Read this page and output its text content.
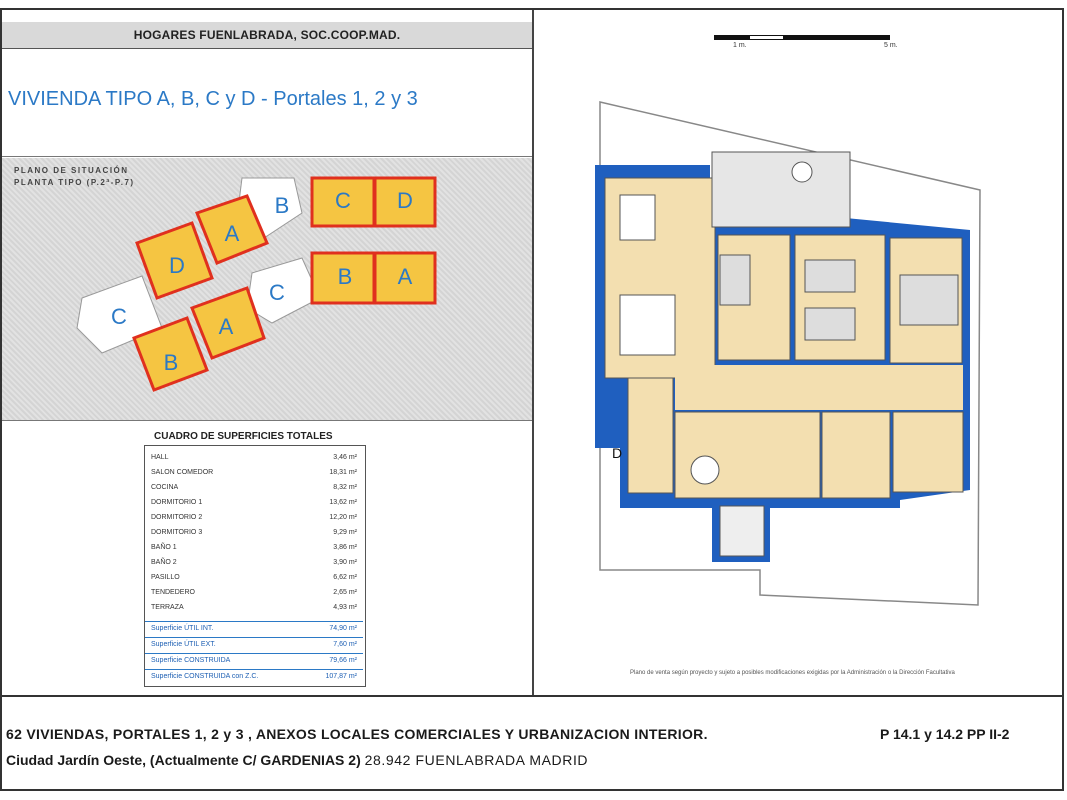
HOGARES FUENLABRADA, SOC.COOP.MAD.
VIVIENDA TIPO A, B, C y D - Portales 1, 2 y 3
PLANO DE SITUACIÓN
PLANTA TIPO (P.2ª-P.7)
B C D
A
D
C
B A
C	A
B
CUADRO DE SUPERFICIES TOTALES
HALL	3,46 m²
SALON COMEDOR	18,31 m²
COCINA	8,32 m²
DORMITORIO 1	13,62 m²
DORMITORIO 2	12,20 m²
DORMITORIO 3	9,29 m²
BAÑO 1	3,86 m²
BAÑO 2	3,90 m²
PASILLO	6,62 m²
TENDEDERO	2,65 m²
TERRAZA	4,93 m²
Superficie ÚTIL INT.	74,90 m²
Superficie ÚTIL EXT.	7,60 m²
Superficie CONSTRUIDA	79,66 m²
Superficie CONSTRUIDA con Z.C.	107,87 m²
1 m.	5 m.
D
Plano de venta según proyecto y sujeto a posibles modificaciones exigidas por la Administración o la Dirección Facultativa
62 VIVIENDAS, PORTALES 1, 2 y 3 , ANEXOS LOCALES COMERCIALES Y URBANIZACION INTERIOR.	P 14.1 y 14.2 PP II-2
Ciudad Jardín Oeste, (Actualmente C/ GARDENIAS 2) 28.942 FUENLABRADA MADRID
